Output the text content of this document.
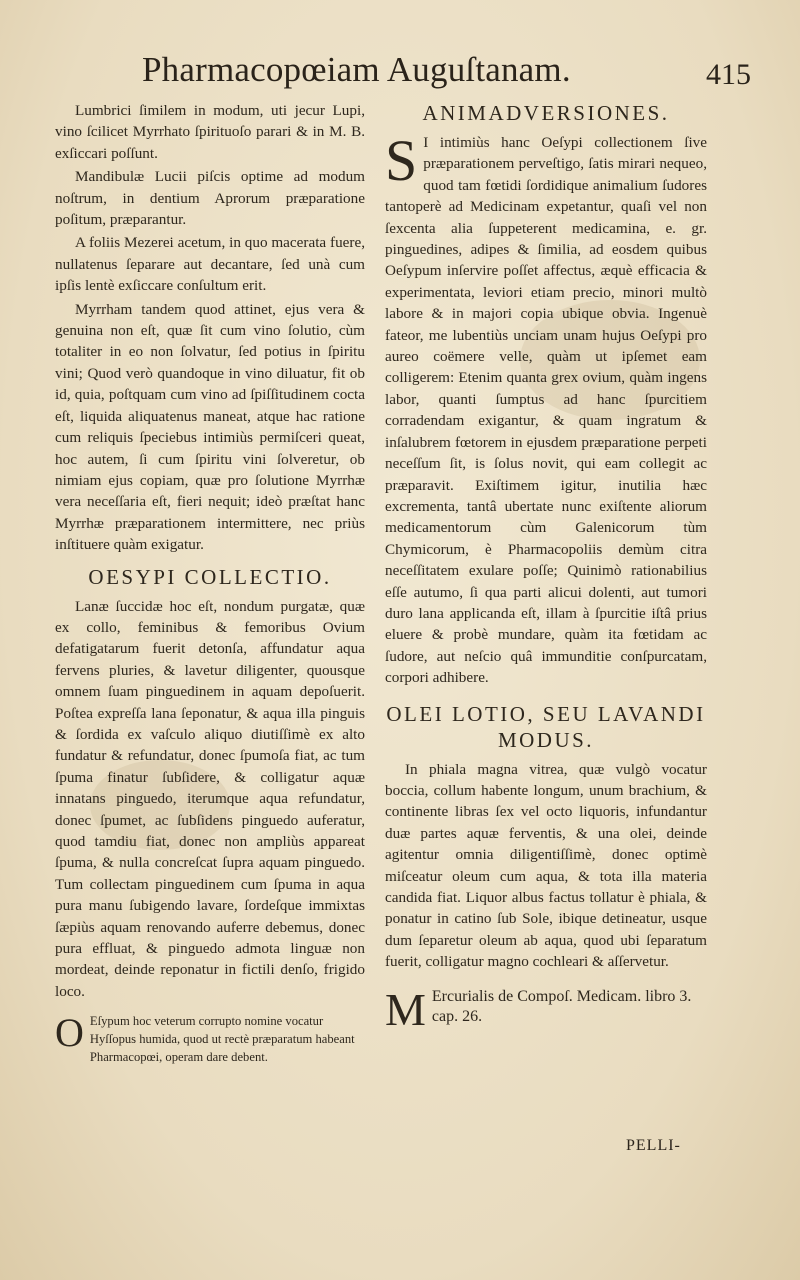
Pharmacopœiam Auguſtanam.	415

Lumbrici ſimilem in modum, uti jecur Lupi, vino ſcilicet Myrrhato ſpirituoſo parari & in M. B. exſiccari poſſunt.

Mandibulæ Lucii piſcis optime ad modum noſtrum, in dentium Aprorum præparatione poſitum, præparantur.

A foliis Mezerei acetum, in quo macerata fuere, nullatenus ſeparare aut decantare, ſed unà cum ipſis lentè exſiccare conſultum erit.

Myrrham tandem quod attinet, ejus vera & genuina non eſt, quæ ſit cum vino ſolutio, cùm totaliter in eo non ſolvatur, ſed potius in ſpiritu vini; Quod verò quandoque in vino diluatur, fit ob id, quia, poſtquam cum vino ad ſpiſſitudinem coctа eſt, liquida aliquatenus maneat, atque hac ratione cum reliquis ſpeciebus intimiùs permiſceri queat, hoc autem, ſi cum ſpiritu vini ſolveretur, ob nimiam ejus copiam, quæ pro ſolutione Myrrhæ vera neceſſaria eſt, fieri nequit; ideò præſtat hanc Myrrhæ præparationem intermittere, nec priùs inſtituere quàm exigatur.

OESYPI COLLECTIO.

Lanæ ſuccidæ hoc eſt, nondum purgatæ, quæ ex collo, feminibus & femoribus Ovium defatigatarum fuerit detonſa, affundatur aqua fervens pluries, & lavetur diligenter, quousque omnem ſuam pinguedinem in aquam depoſuerit. Poſtea expreſſa lana ſeponatur, & aqua illa pinguis & ſordida ex vaſculo aliquo diutiſſimè ex alto fundatur & refundatur, donec ſpumoſa fiat, ac tum ſpuma finatur ſubſidere, & colligatur aquæ innatans pinguedo, iterumque aqua refundatur, donec ſpumet, ac ſubſidens pinguedo auferatur, quod tamdiu fiat, donec non ampliùs appareat ſpuma, & nulla concreſcat ſupra aquam pinguedo. Tum collectam pinguedinem cum ſpuma in aqua pura manu ſubigendo lavare, ſordeſque immixtas ſæpiùs aquam renovando auferre debemus, donec pura effluat, & pinguedo admota linguæ non mordeat, deinde reponatur in fictili denſo, frigido loco.

O Eſypum hoc veterum corrupto nomine vocatur Hyſſopus humida, quod ut rectè præparatum habeant Pharmacopœi, operam dare debent.
ANIMADVERSIONES.

S I intimiùs hanc Oeſypi collectionem ſive præparationem perveſtigo, ſatis mirari nequeo, quod tam fœtidi ſordidique animalium ſudores tantoperè ad Medicinam expetantur, quaſi vel non ſexcenta alia ſuppeterent medicamina, e. gr. pinguedines, adipes & ſimilia, ad eosdem quibus Oeſypum inſervire poſſet affectus, æquè efficacia & experimentata, leviori etiam precio, minori multò labore & in majori copia ubique obvia. Ingenuè fateor, me lubentiùs unciam unam hujus Oeſypi pro aureo coëmere velle, quàm ut ipſemet eam colligerem: Etenim quanta grex ovium, quàm ingens labor, quanti ſumptus ad hanc ſpurcitiem corradendam exigantur, & quam ingratum & inſalubrem fœtorem in ejusdem præparatione perpeti neceſſum ſit, is ſolus novit, qui eam collegit ac præparavit. Exiſtimem igitur, inutilia hæc excrementa, tantâ ubertate nunc exiſtente aliorum medicamentorum cùm Galenicorum tùm Chymicorum, è Pharmacopoliis demùm citra neceſſitatem exulare poſſe; Quinimò rationabilius eſſe autumo, ſi qua parti alicui dolenti, aut tumori duro lana applicanda eſt, illam à ſpurcitie iſtâ prius eluere & probè mundare, quàm ita fœtidam ac ſudore, aut neſcio quâ immunditie conſpurcatam, corpori adhibere.

OLEI LOTIO, SEU LAVANDI MODUS.

In phiala magna vitrea, quæ vulgò vocatur boccia, collum habente longum, unum brachium, & continente libras ſex vel octo liquoris, infundantur duæ partes aquæ ferventis, & una olei, deinde agitentur omnia diligentiſſimè, donec optimè miſceatur oleum cum aqua, & tota illa materia candida fiat. Liquor albus factus tollatur è phiala, & ponatur in catino ſub Sole, ibique detineatur, usque dum ſeparetur oleum ab aqua, quod ubi ſeparatum fuerit, colligatur magno cochleari & aſſervetur.

M Ercurialis de Compoſ. Medicam. libro 3. cap. 26.
PELLI-
